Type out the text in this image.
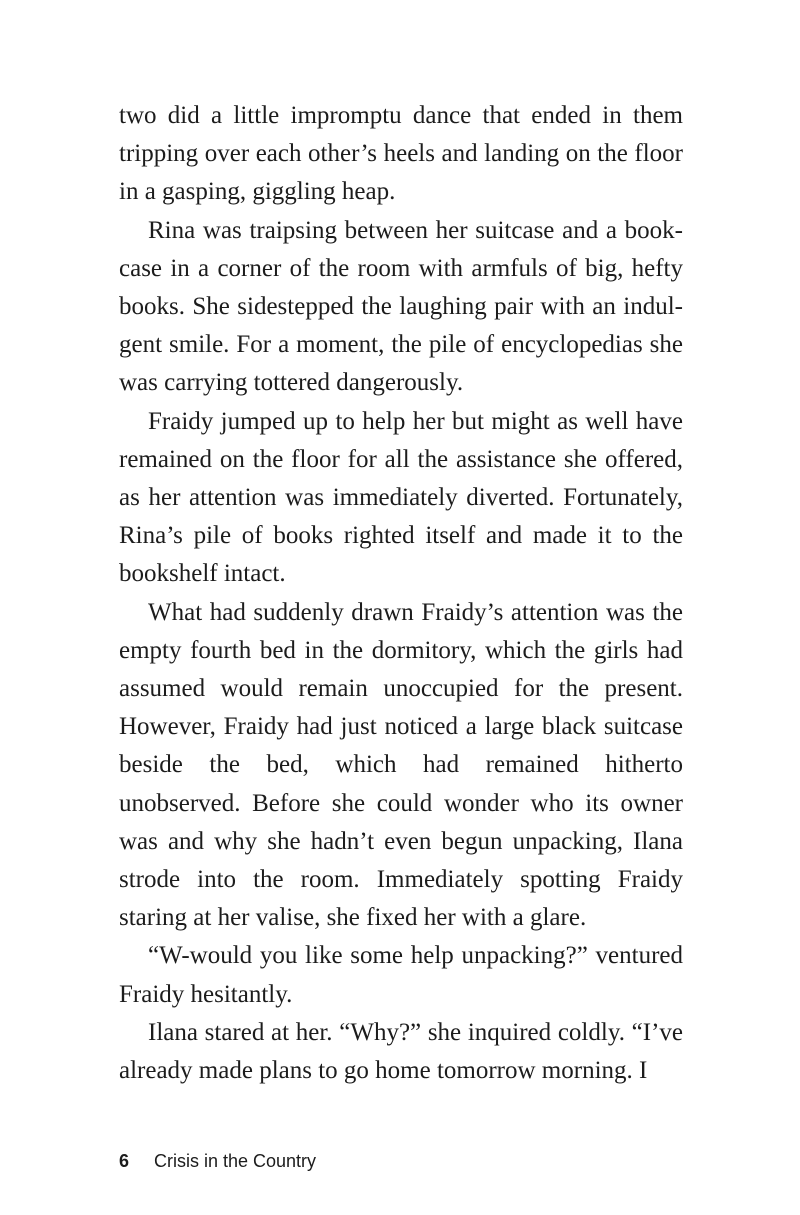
two did a little impromptu dance that ended in them tripping over each other’s heels and landing on the floor in a gasping, giggling heap.

Rina was traipsing between her suitcase and a bookcase in a corner of the room with armfuls of big, hefty books. She sidestepped the laughing pair with an indulgent smile. For a moment, the pile of encyclopedias she was carrying tottered dangerously.

Fraidy jumped up to help her but might as well have remained on the floor for all the assistance she offered, as her attention was immediately diverted. Fortunately, Rina’s pile of books righted itself and made it to the bookshelf intact.

What had suddenly drawn Fraidy’s attention was the empty fourth bed in the dormitory, which the girls had assumed would remain unoccupied for the present. However, Fraidy had just noticed a large black suitcase beside the bed, which had remained hitherto unobserved. Before she could wonder who its owner was and why she hadn’t even begun unpacking, Ilana strode into the room. Immediately spotting Fraidy staring at her valise, she fixed her with a glare.

“W-would you like some help unpacking?” ventured Fraidy hesitantly.

Ilana stared at her. “Why?” she inquired coldly. “I’ve already made plans to go home tomorrow morning. I

6 Crisis in the Country
